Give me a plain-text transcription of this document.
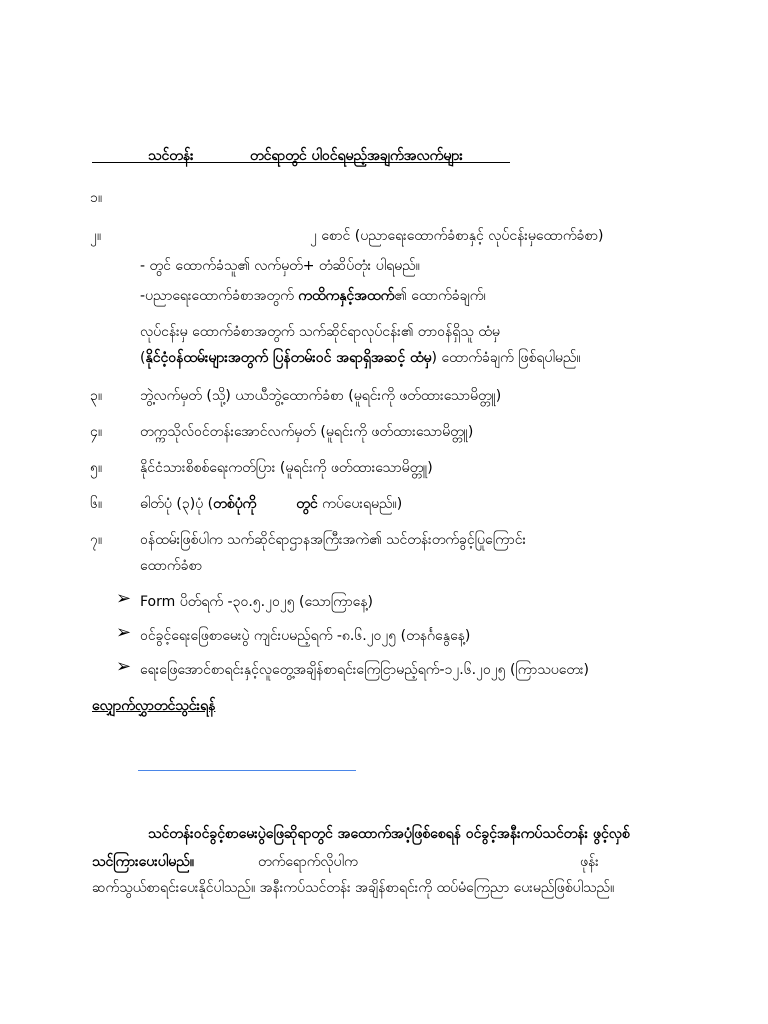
သင်တန်း	တင်ရာတွင် ပါဝင်ရမည့်အချက်အလက်များ
၁။
၂။	၂ စောင် (ပညာရေးထောက်ခံစာနှင့် လုပ်ငန်းမှထောက်ခံစာ)
- တွင် ထောက်ခံသူ၏ လက်မှတ်+ တံဆိပ်တုံး ပါရမည်။
-ပညာရေးထောက်ခံစာအတွက် ကထိကနှင့်အထက်၏ ထောက်ခံချက်၊
လုပ်ငန်းမှ ထောက်ခံစာအတွက် သက်ဆိုင်ရာလုပ်ငန်း၏ တာဝန်ရှိသူ ထံမှ
(နိုင်ငံ့ဝန်ထမ်းများအတွက် ပြန်တမ်းဝင် အရာရှိအဆင့် ထံမှ) ထောက်ခံချက် ဖြစ်ရပါမည်။
၃။	ဘွဲ့လက်မှတ် (သို့) ယာယီဘွဲ့ထောက်ခံစာ (မူရင်းကို ဖတ်ထားသောမိတ္တူ)
၄။	တက္ကသိုလ်ဝင်တန်းအောင်လက်မှတ် (မူရင်းကို ဖတ်ထားသောမိတ္တူ)
၅။	နိုင်ငံသားစိစစ်ရေးကတ်ပြား (မူရင်းကို ဖတ်ထားသောမိတ္တူ)
၆။	ဓါတ်ပုံ (၃)ပုံ (တစ်ပုံကို	တွင် ကပ်ပေးရမည်။)
၇။	ဝန်ထမ်းဖြစ်ပါက သက်ဆိုင်ရာဌာနအကြီးအကဲ၏ သင်တန်းတက်ခွင့်ပြုကြောင်း
ထောက်ခံစာ
➢ Form ပိတ်ရက် -၃၀.၅.၂၀၂၅ (သောကြာနေ့)
➢ ဝင်ခွင့်ရေးဖြေစာမေးပွဲ ကျင်းပမည့်ရက် -၈.၆.၂၀၂၅ (တနင်္ဂနွေနေ့)
➢ ရေးဖြေအောင်စာရင်းနှင့်လူတွေ့အချိန်စာရင်းကြေငြာမည့်ရက်-၁၂.၆.၂၀၂၅ (ကြာသပတေး)
လျှောက်လွှာတင်သွင်းရန်
သင်တန်းဝင်ခွင့်စာမေးပွဲဖြေဆိုရာတွင် အထောက်အပံ့ဖြစ်စေရန် ဝင်ခွင့်အနီးကပ်သင်တန်း ဖွင့်လှစ်
သင်ကြားပေးပါမည်။	တက်ရောက်လိုပါက	ဖုန်း
ဆက်သွယ်စာရင်းပေးနိုင်ပါသည်။ အနီးကပ်သင်တန်း အချိန်စာရင်းကို ထပ်မံကြေညာ ပေးမည်ဖြစ်ပါသည်။
